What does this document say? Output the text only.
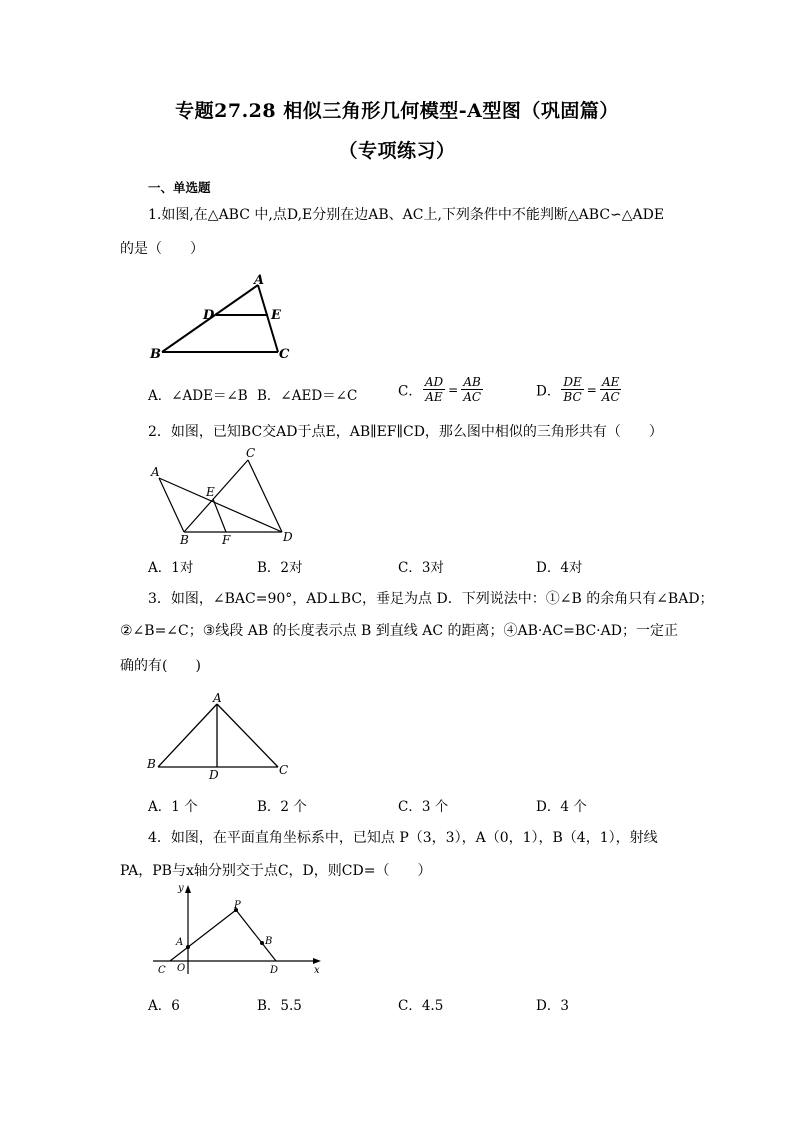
专题27.28 相似三角形几何模型-A型图（巩固篇）
（专项练习）
一、单选题
1.如图,在△ABC 中,点D,E分别在边AB、AC上,下列条件中不能判断△ABC∽△ADE
的是（　　）
A
B	C
D	E
A．∠ADE＝∠B B．∠AED＝∠C	C． $\frac{AD}{AE} = \frac{AB}{AC}$	D． $\frac{DE}{BC} = \frac{AE}{AC}$
2．如图，已知BC交AD于点E，AB∥EF∥CD，那么图中相似的三角形共有（　　）
A
B
C
D
E
F
A．1对	B．2对	C．3对	D．4对
3．如图，∠BAC=90°，AD⊥BC，垂足为点 D．下列说法中：①∠B 的余角只有∠BAD；
②∠B=∠C；③线段 AB 的长度表示点 B 到直线 AC 的距离；④AB·AC=BC·AD；一定正
确的有(　　)
A
B	C
D
A．1 个	B．2 个	C．3 个	D．4 个
4．如图，在平面直角坐标系中，已知点 P（3，3），A（0，1），B（4，1），射线
PA，PB与x轴分别交于点C，D，则CD=（　　）
y
x
P
A	B
C O	D
A．6	B．5.5	C．4.5	D．3
